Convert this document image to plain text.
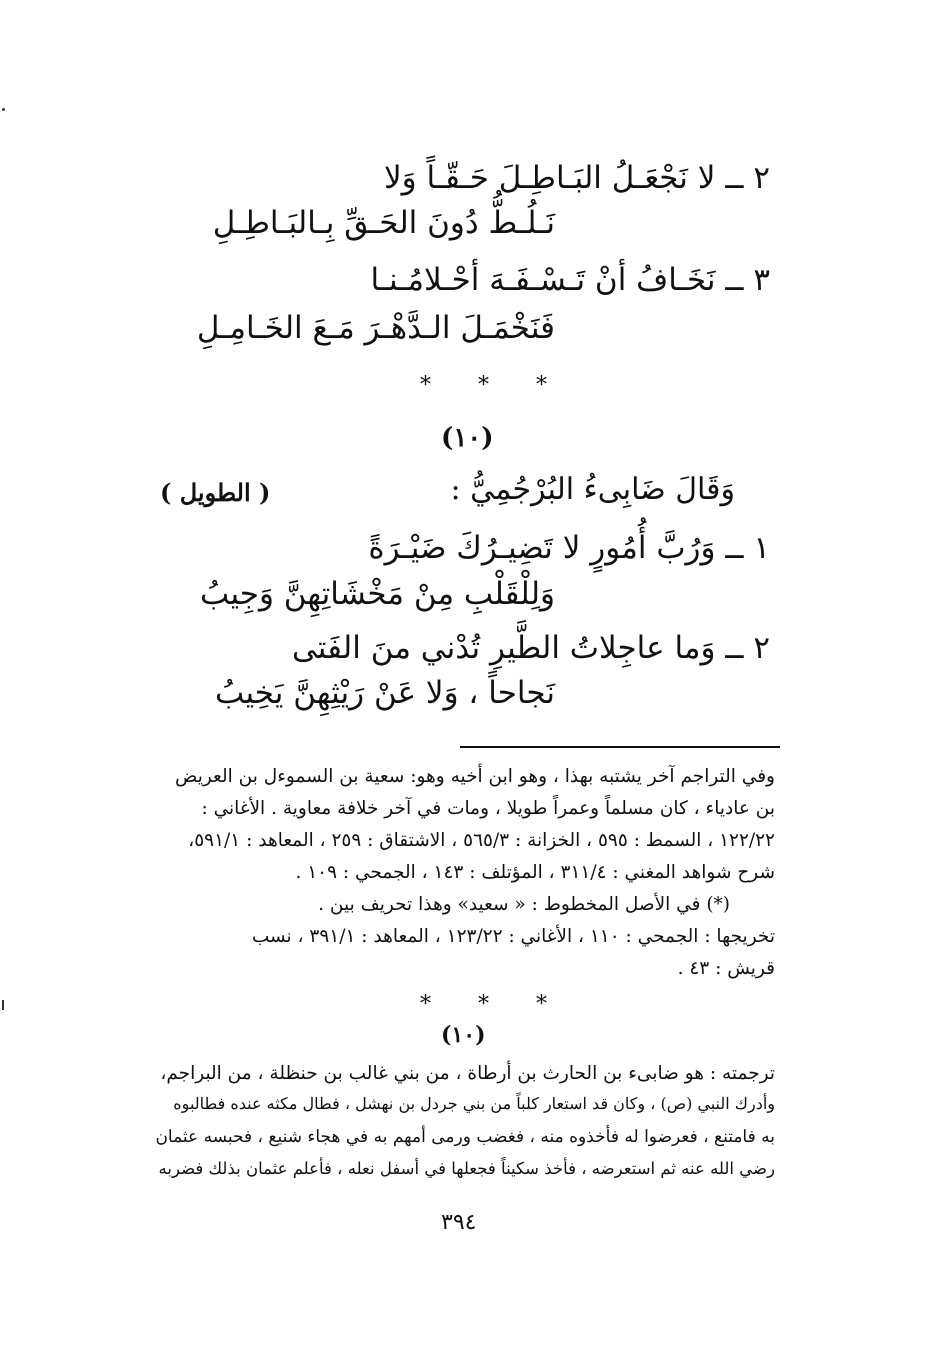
٢ ــ لا نَجْعَـلُ البَـاطِـلَ حَـقّـاً وَلا
نَـلُـطُّ دُونَ الحَـقِّ بِـالبَـاطِـلِ
٣ ــ نَخَـافُ أنْ تَـسْـفَـهَ أحْـلامُـنـا
فَنَخْمَـلَ الـدَّهْـرَ مَـعَ الخَـامِـلِ
* * *
(١٠)
وَقَالَ ضَابِىءُ البُرْجُمِيُّ :
( الطويل )
١ ــ وَرُبَّ أُمُورٍ لا تَضِيـرُكَ ضَيْـرَةً
وَلِلْقَلْبِ مِنْ مَخْشَاتِهِنَّ وَجِيبُ
٢ ــ وَما عاجِلاتُ الطَّيرِ تُدْني منَ الفَتى
نَجاحاً ، وَلا عَنْ رَيْثِهِنَّ يَخِيبُ
وفي التراجم آخر يشتبه بهذا ، وهو ابن أخيه وهو: سعية بن السموءل بن العريض
بن عادياء ، كان مسلماً وعمراً طويلا ، ومات في آخر خلافة معاوية . الأغاني :
١٢٢/٢٢ ، السمط : ٥٩٥ ، الخزانة : ٥٦٥/٣ ، الاشتقاق : ٢٥٩ ، المعاهد : ٥٩١/١،
شرح شواهد المغني : ٣١١/٤ ، المؤتلف : ١٤٣ ، الجمحي : ١٠٩ .
(*) في الأصل المخطوط : « سعيد» وهذا تحريف بين .
تخريجها : الجمحي : ١١٠ ، الأغاني : ١٢٣/٢٢ ، المعاهد : ٣٩١/١ ، نسب
قريش : ٤٣ .
* * *
(١٠)
ترجمته : هو ضابىء بن الحارث بن أرطاة ، من بني غالب بن حنظلة ، من البراجم،
وأدرك النبي (ص) ، وكان قد استعار كلباً من بني جردل بن نهشل ، فطال مكثه عنده فطالبوه
به فامتنع ، فعرضوا له فأخذوه منه ، فغضب ورمى أمهم به في هجاء شنيع ، فحبسه عثمان
رضي الله عنه ثم استعرضه ، فأخذ سكيناً فجعلها في أسفل نعله ، فأعلم عثمان بذلك فضربه
٣٩٤
